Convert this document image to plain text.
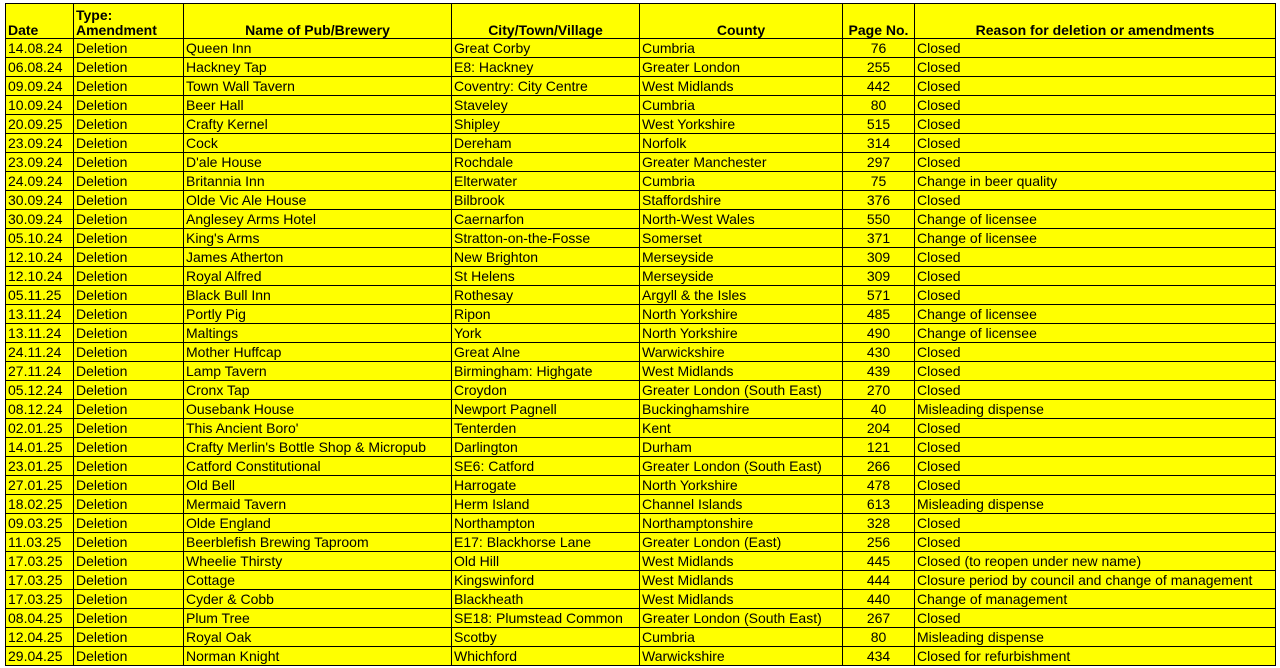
Date	Type: Amendment	Name of Pub/Brewery	City/Town/Village	County	Page No.	Reason for deletion or amendments
14.08.24	Deletion	Queen Inn	Great Corby	Cumbria	76	Closed
06.08.24	Deletion	Hackney Tap	E8: Hackney	Greater London	255	Closed
09.09.24	Deletion	Town Wall Tavern	Coventry: City Centre	West Midlands	442	Closed
10.09.24	Deletion	Beer Hall	Staveley	Cumbria	80	Closed
20.09.25	Deletion	Crafty Kernel	Shipley	West Yorkshire	515	Closed
23.09.24	Deletion	Cock	Dereham	Norfolk	314	Closed
23.09.24	Deletion	D'ale House	Rochdale	Greater Manchester	297	Closed
24.09.24	Deletion	Britannia Inn	Elterwater	Cumbria	75	Change in beer quality
30.09.24	Deletion	Olde Vic Ale House	Bilbrook	Staffordshire	376	Closed
30.09.24	Deletion	Anglesey Arms Hotel	Caernarfon	North-West Wales	550	Change of licensee
05.10.24	Deletion	King's Arms	Stratton-on-the-Fosse	Somerset	371	Change of licensee
12.10.24	Deletion	James Atherton	New Brighton	Merseyside	309	Closed
12.10.24	Deletion	Royal Alfred	St Helens	Merseyside	309	Closed
05.11.25	Deletion	Black Bull Inn	Rothesay	Argyll & the Isles	571	Closed
13.11.24	Deletion	Portly Pig	Ripon	North Yorkshire	485	Change of licensee
13.11.24	Deletion	Maltings	York	North Yorkshire	490	Change of licensee
24.11.24	Deletion	Mother Huffcap	Great Alne	Warwickshire	430	Closed
27.11.24	Deletion	Lamp Tavern	Birmingham: Highgate	West Midlands	439	Closed
05.12.24	Deletion	Cronx Tap	Croydon	Greater London (South East)	270	Closed
08.12.24	Deletion	Ousebank House	Newport Pagnell	Buckinghamshire	40	Misleading dispense
02.01.25	Deletion	This Ancient Boro'	Tenterden	Kent	204	Closed
14.01.25	Deletion	Crafty Merlin's Bottle Shop & Micropub	Darlington	Durham	121	Closed
23.01.25	Deletion	Catford Constitutional	SE6: Catford	Greater London (South East)	266	Closed
27.01.25	Deletion	Old Bell	Harrogate	North Yorkshire	478	Closed
18.02.25	Deletion	Mermaid Tavern	Herm Island	Channel Islands	613	Misleading dispense
09.03.25	Deletion	Olde England	Northampton	Northamptonshire	328	Closed
11.03.25	Deletion	Beerblefish Brewing Taproom	E17: Blackhorse Lane	Greater London (East)	256	Closed
17.03.25	Deletion	Wheelie Thirsty	Old Hill	West Midlands	445	Closed (to reopen under new name)
17.03.25	Deletion	Cottage	Kingswinford	West Midlands	444	Closure period by council and change of management
17.03.25	Deletion	Cyder & Cobb	Blackheath	West Midlands	440	Change of management
08.04.25	Deletion	Plum Tree	SE18: Plumstead Common	Greater London (South East)	267	Closed
12.04.25	Deletion	Royal Oak	Scotby	Cumbria	80	Misleading dispense
29.04.25	Deletion	Norman Knight	Whichford	Warwickshire	434	Closed for refurbishment
